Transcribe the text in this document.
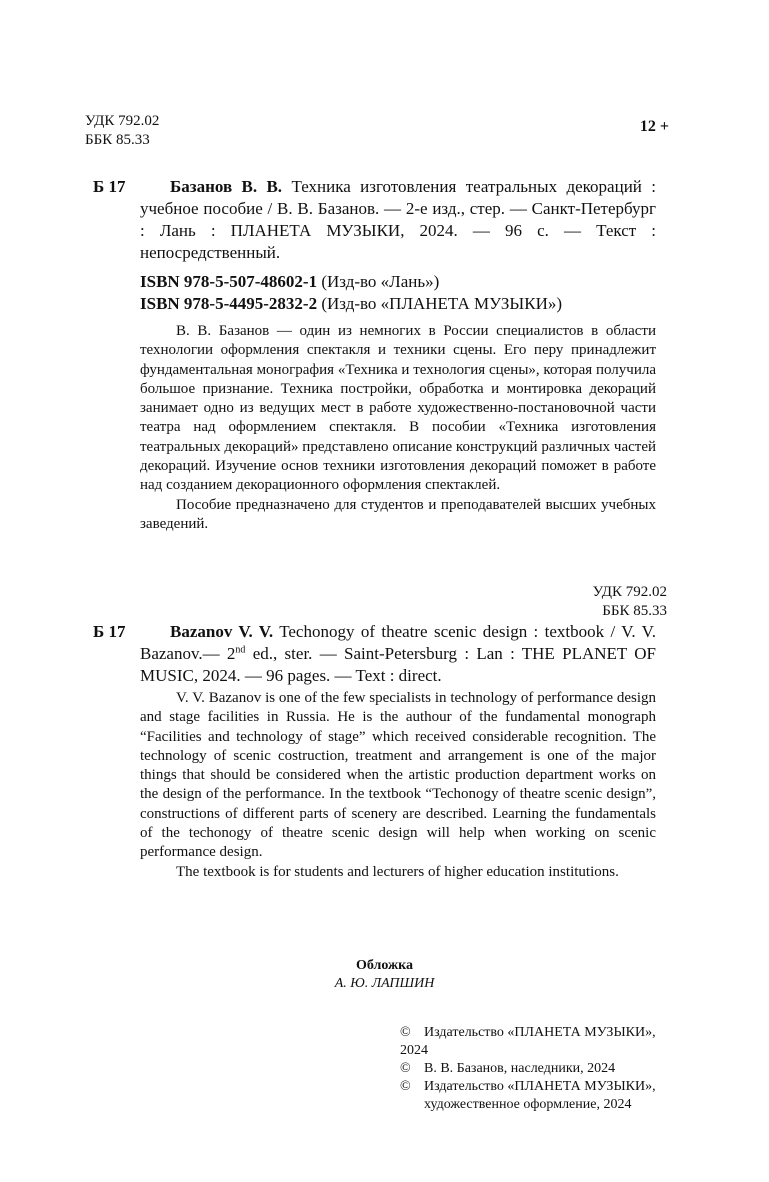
УДК 792.02
ББК 85.33
12 +
Б 17	Базанов В. В. Техника изготовления театральных декораций : учебное пособие / В. В. Базанов. — 2-е изд., стер. — Санкт-Петербург : Лань : ПЛАНЕТА МУЗЫКИ, 2024. — 96 с. — Текст : непосредственный.
ISBN 978-5-507-48602-1 (Изд-во «Лань»)
ISBN 978-5-4495-2832-2 (Изд-во «ПЛАНЕТА МУЗЫКИ»)

В. В. Базанов — один из немногих в России специалистов в области технологии оформления спектакля и техники сцены. Его перу принадлежит фундаментальная монография «Техника и технология сцены», которая получила большое признание. Техника постройки, обработка и монтировка декораций занимает одно из ведущих мест в работе художественно-постановочной части театра над оформлением спектакля. В пособии «Техника изготовления театральных декораций» представлено описание конструкций различных частей декораций. Изучение основ техники изготовления декораций поможет в работе над созданием декорационного оформления спектаклей.

Пособие предназначено для студентов и преподавателей высших учебных заведений.

УДК 792.02
ББК 85.33
Б 17	Bazanov V. V. Techonogy of theatre scenic design : textbook / V. V. Bazanov.— 2nd ed., ster. — Saint-Petersburg : Lan : THE PLANET OF MUSIC, 2024. — 96 pages. — Text : direct.

V. V. Bazanov is one of the few specialists in technology of performance design and stage facilities in Russia. He is the authour of the fundamental monograph “Facilities and technology of stage” which received considerable recognition. The technology of scenic costruction, treatment and arrangement is one of the major things that should be considered when the artistic production department works on the design of the performance. In the textbook “Techonogy of theatre scenic design”, constructions of different parts of scenery are described. Learning the fundamentals of the techonogy of theatre scenic design will help when working on scenic performance design.

The textbook is for students and lecturers of higher education institutions.

Обложка
А. Ю. ЛАПШИН
© Издательство «ПЛАНЕТА МУЗЫКИ»,
2024
© В. В. Базанов, наследники, 2024
© Издательство «ПЛАНЕТА МУЗЫКИ»,
художественное оформление, 2024
